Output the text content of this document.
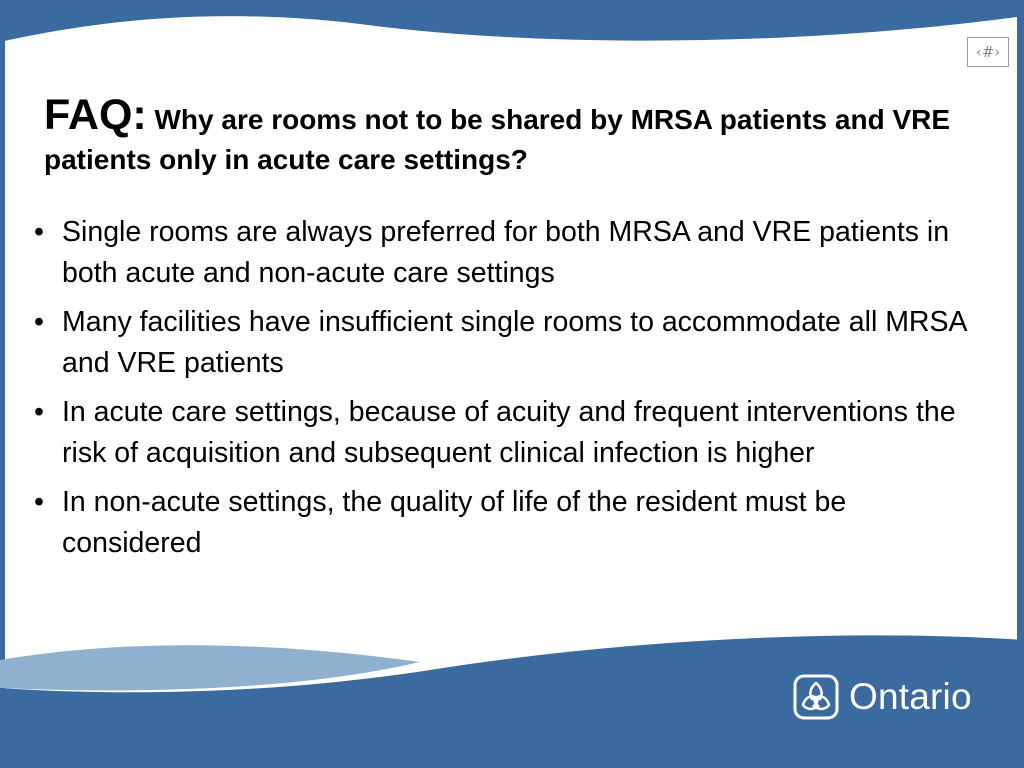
‹#›
FAQ: Why are rooms not to be shared by MRSA patients and VRE patients only in acute care settings?
• Single rooms are always preferred for both MRSA and VRE patients in both acute and non-acute care settings
• Many facilities have insufficient single rooms to accommodate all MRSA and VRE patients
• In acute care settings, because of acuity and frequent interventions the risk of acquisition and subsequent clinical infection is higher
• In non-acute settings, the quality of life of the resident must be considered
Ontario
